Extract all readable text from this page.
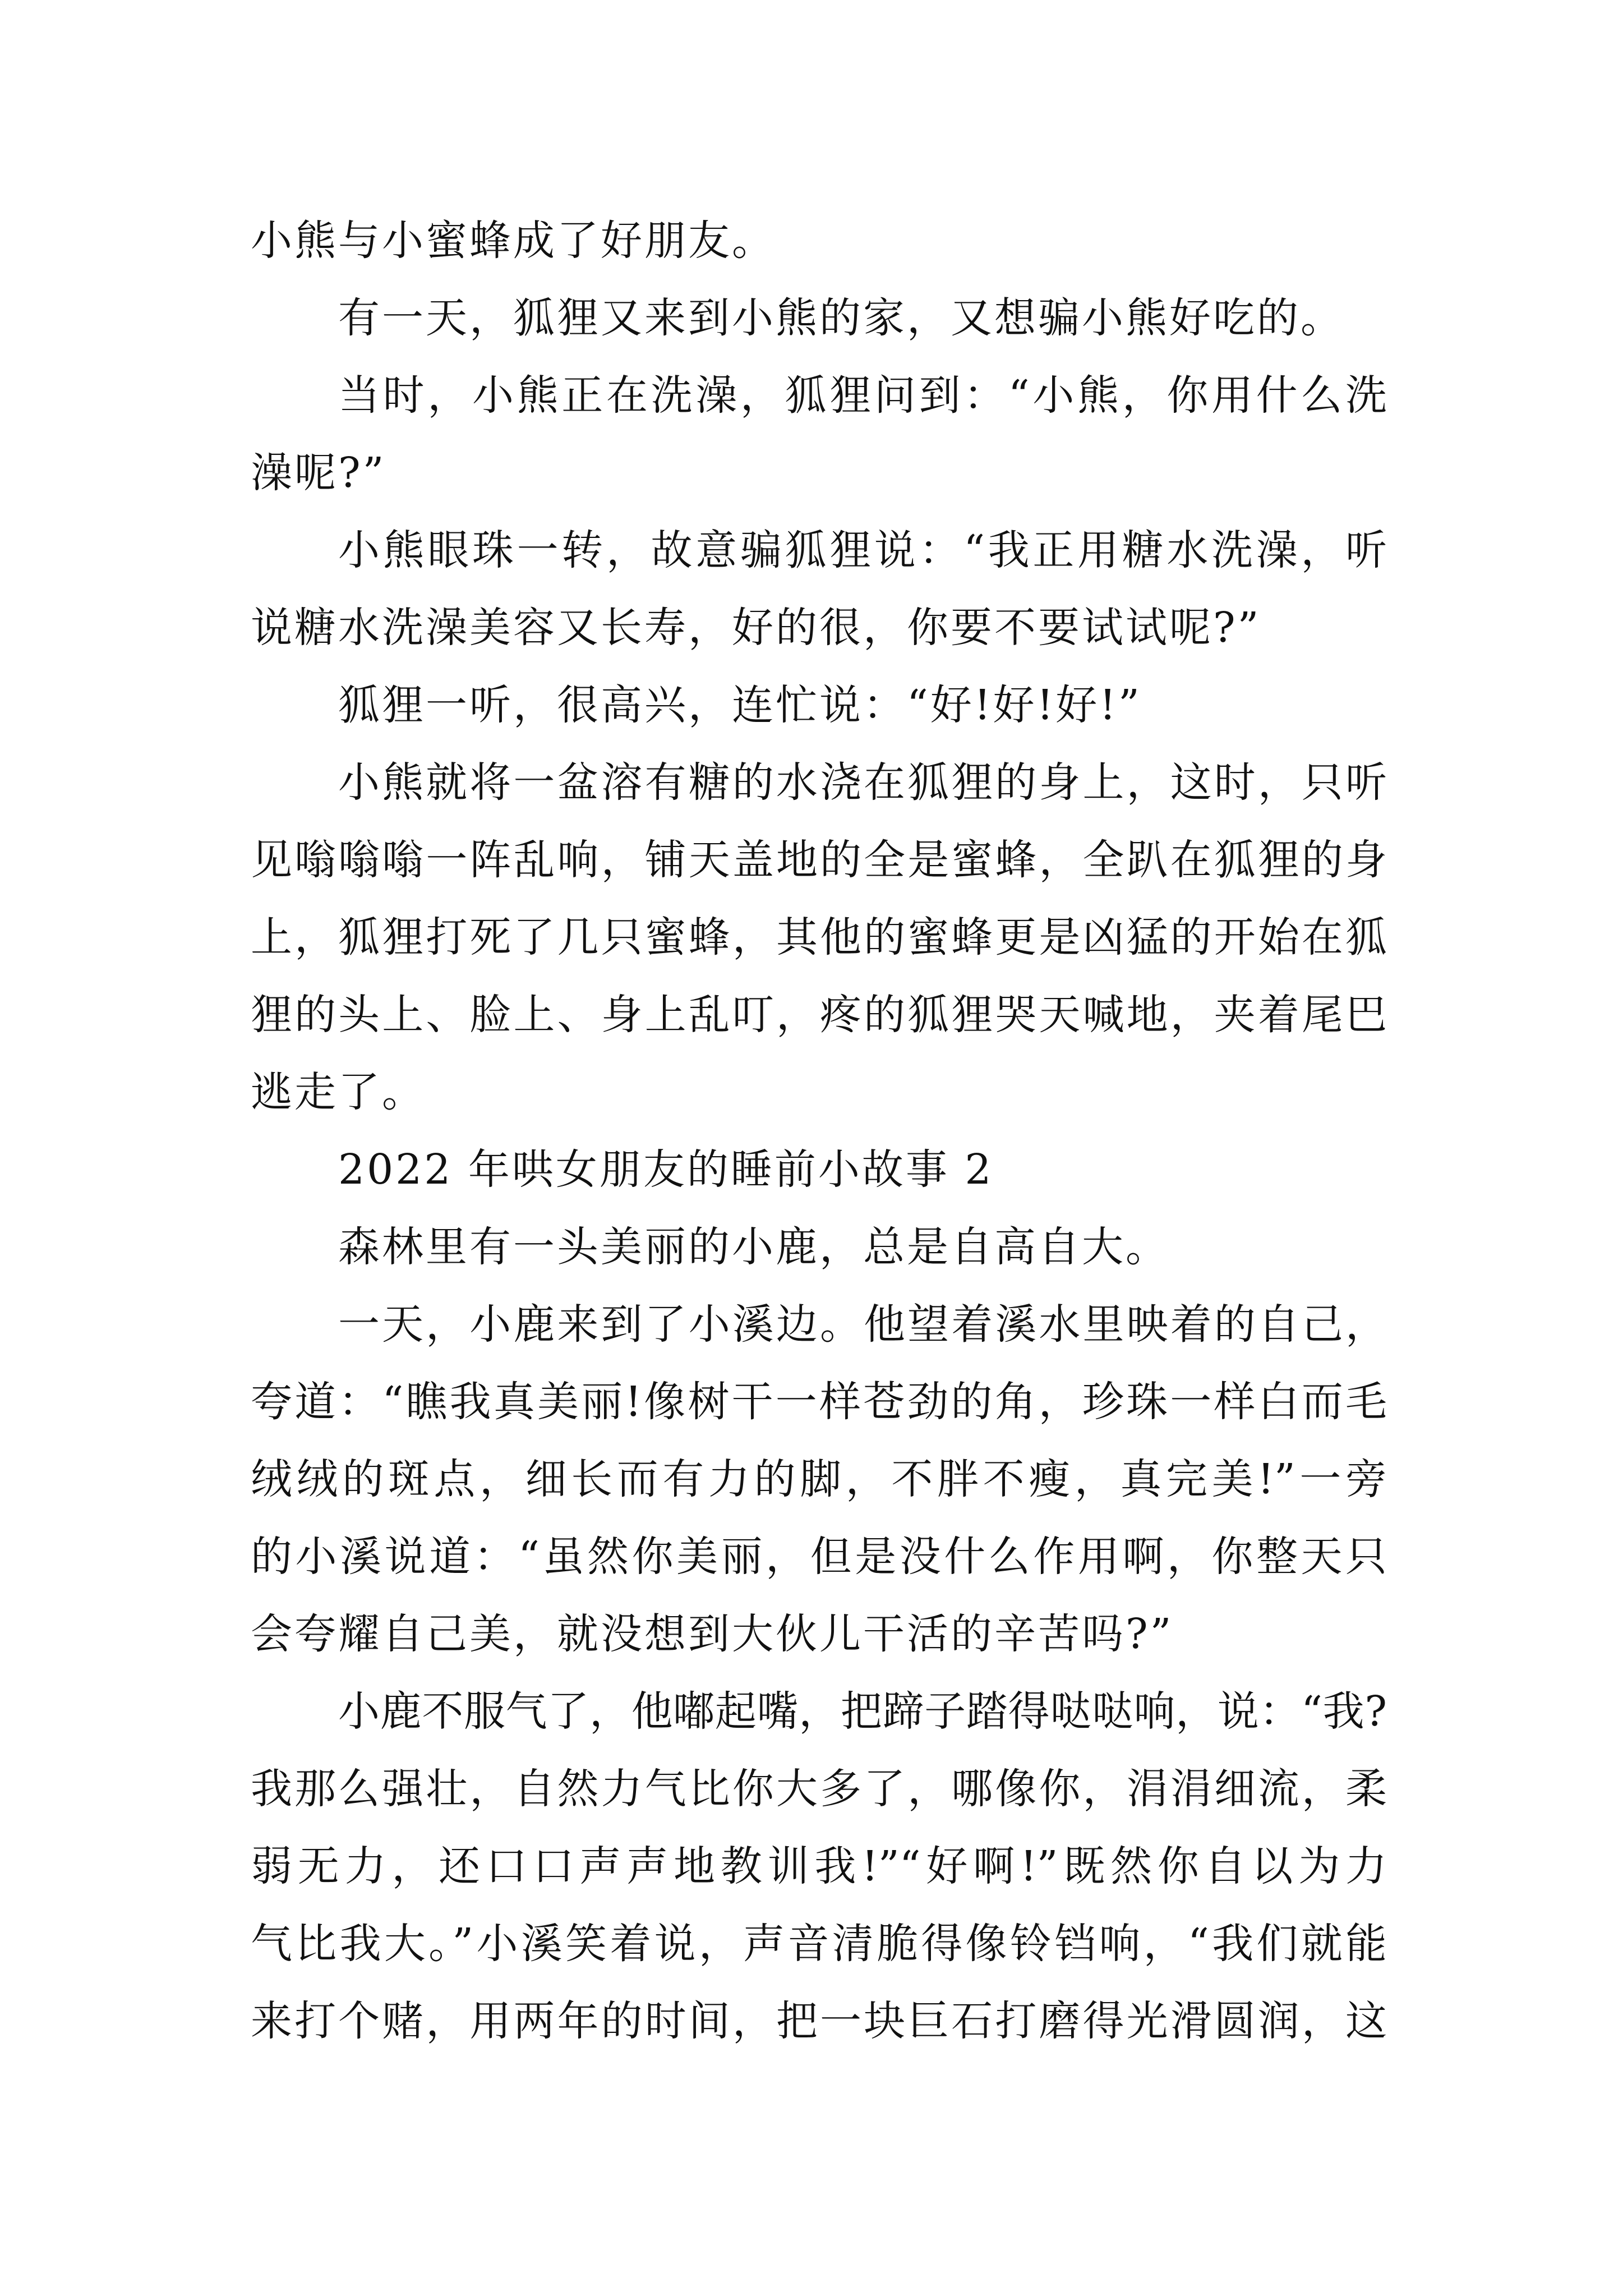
小熊与小蜜蜂成了好朋友。
有一天，狐狸又来到小熊的家，又想骗小熊好吃的。
当时，小熊正在洗澡，狐狸问到：“小熊，你用什么洗
澡呢?”
小熊眼珠一转，故意骗狐狸说：“我正用糖水洗澡，听
说糖水洗澡美容又长寿，好的很，你要不要试试呢?”
狐狸一听，很高兴，连忙说：“好!好!好!”
小熊就将一盆溶有糖的水浇在狐狸的身上，这时，只听
见嗡嗡嗡一阵乱响，铺天盖地的全是蜜蜂，全趴在狐狸的身
上，狐狸打死了几只蜜蜂，其他的蜜蜂更是凶猛的开始在狐
狸的头上、脸上、身上乱叮，疼的狐狸哭天喊地，夹着尾巴
逃走了。
2022 年哄女朋友的睡前小故事 2
森林里有一头美丽的小鹿，总是自高自大。
一天，小鹿来到了小溪边。他望着溪水里映着的自己，
夸道：“瞧我真美丽!像树干一样苍劲的角，珍珠一样白而毛
绒绒的斑点，细长而有力的脚，不胖不瘦，真完美!”一旁
的小溪说道：“虽然你美丽，但是没什么作用啊，你整天只
会夸耀自己美，就没想到大伙儿干活的辛苦吗?”
小鹿不服气了，他嘟起嘴，把蹄子踏得哒哒响，说：“我?
我那么强壮，自然力气比你大多了，哪像你，涓涓细流，柔
弱无力，还口口声声地教训我!”“好啊!”既然你自以为力
气比我大。”小溪笑着说，声音清脆得像铃铛响，“我们就能
来打个赌，用两年的时间，把一块巨石打磨得光滑圆润，这
